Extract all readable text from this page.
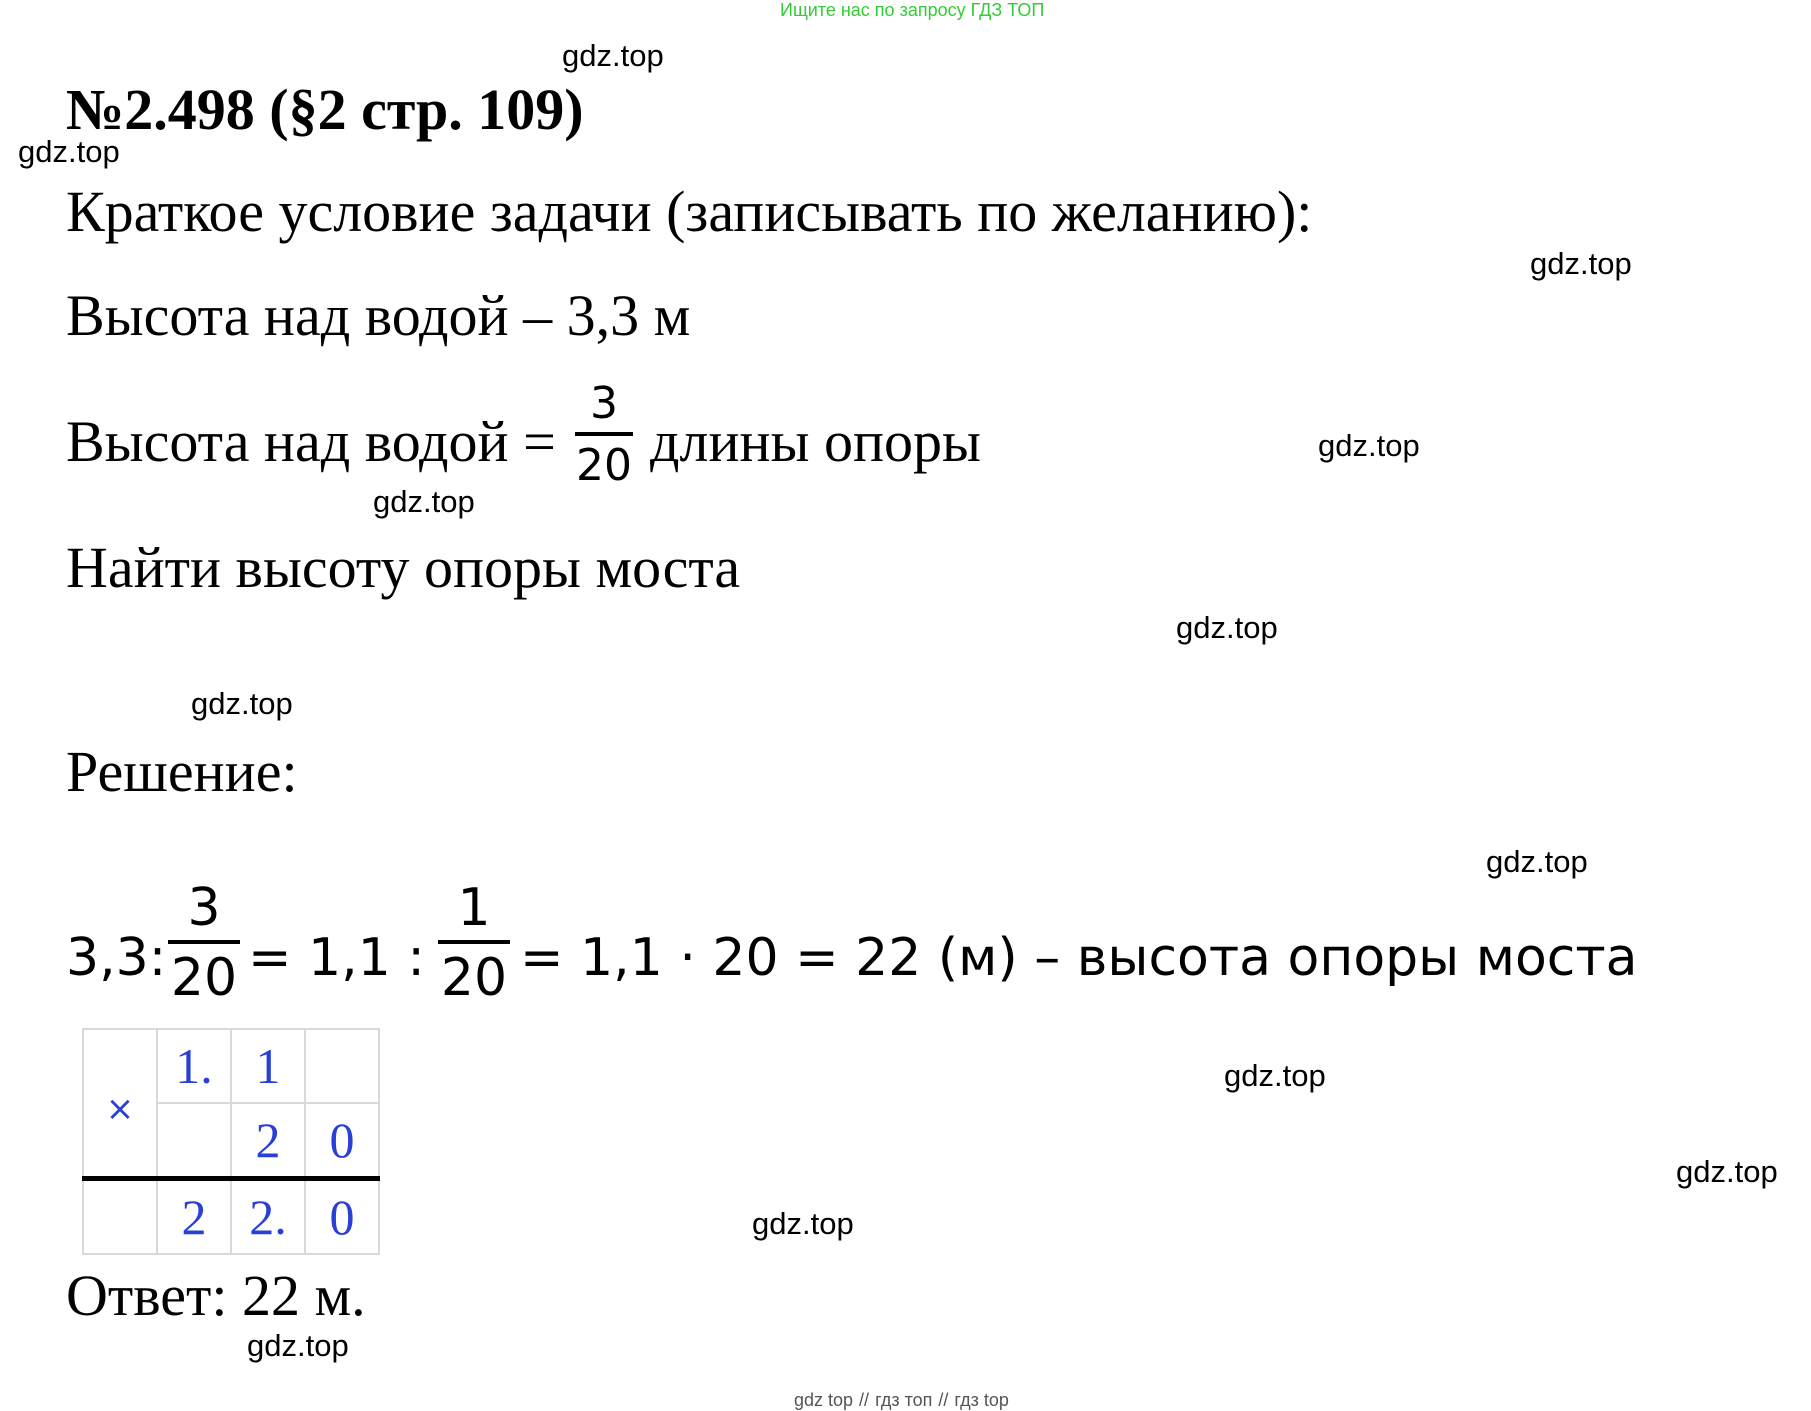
Ищите нас по запросу ГДЗ ТОП
№2.498 (§2 стр. 109)
Краткое условие задачи (записывать по желанию):
Высота над водой – 3,3 м
Высота над водой =
3
20 длины опоры
Найти высоту опоры моста
Решение:
3,3:
3
20 = 1,1 :
1
20 = 1,1 · 20 = 22 (м) – высота опоры моста
×	1.	1	
		2	0
	2	2.	0
Ответ: 22 м.
gdz.top
gdz.top
gdz.top
gdz.top
gdz.top
gdz.top
gdz.top
gdz.top
gdz.top
gdz.top
gdz.top
gdz.top
gdz top // гдз топ // гдз top
